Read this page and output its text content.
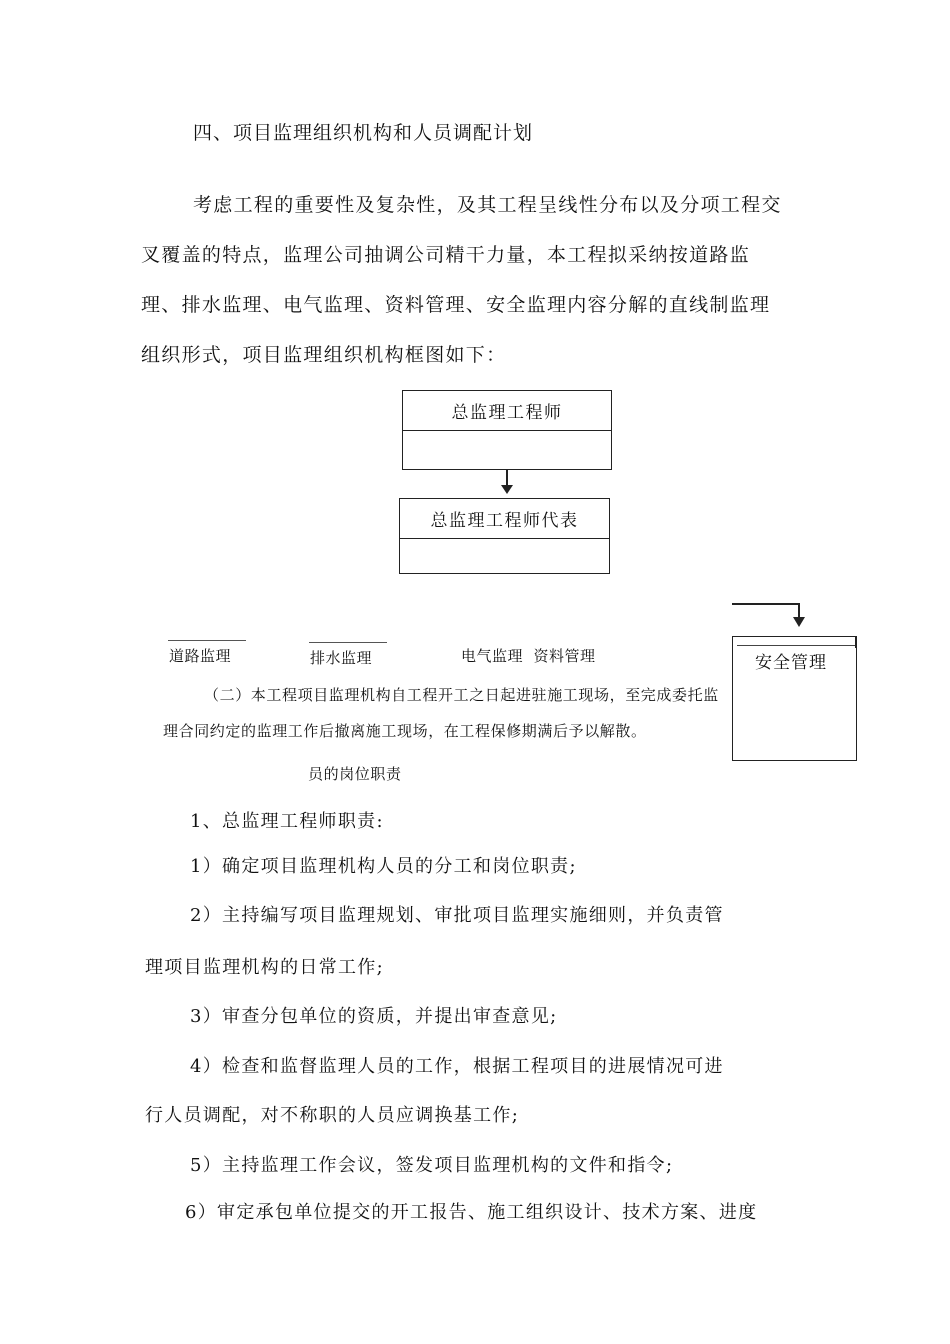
四、项目监理组织机构和人员调配计划
考虑工程的重要性及复杂性，及其工程呈线性分布以及分项工程交
叉覆盖的特点，监理公司抽调公司精干力量，本工程拟采纳按道路监
理、排水监理、电气监理、资料管理、安全监理内容分解的直线制监理
组织形式，项目监理组织机构框图如下：
总监理工程师
总监理工程师代表
安全管理
道路监理	排水监理	电气监理  资料管理
（二）本工程项目监理机构自工程开工之日起进驻施工现场，至完成委托监
理合同约定的监理工作后撤离施工现场，在工程保修期满后予以解散。
员的岗位职责
1、总监理工程师职责:
1）确定项目监理机构人员的分工和岗位职责;
2）主持编写项目监理规划、审批项目监理实施细则，并负责管
理项目监理机构的日常工作;
3）审查分包单位的资质，并提出审查意见;
4）检查和监督监理人员的工作，根据工程项目的进展情况可进
行人员调配，对不称职的人员应调换基工作;
5）主持监理工作会议，签发项目监理机构的文件和指令;
6）审定承包单位提交的开工报告、施工组织设计、技术方案、进度
